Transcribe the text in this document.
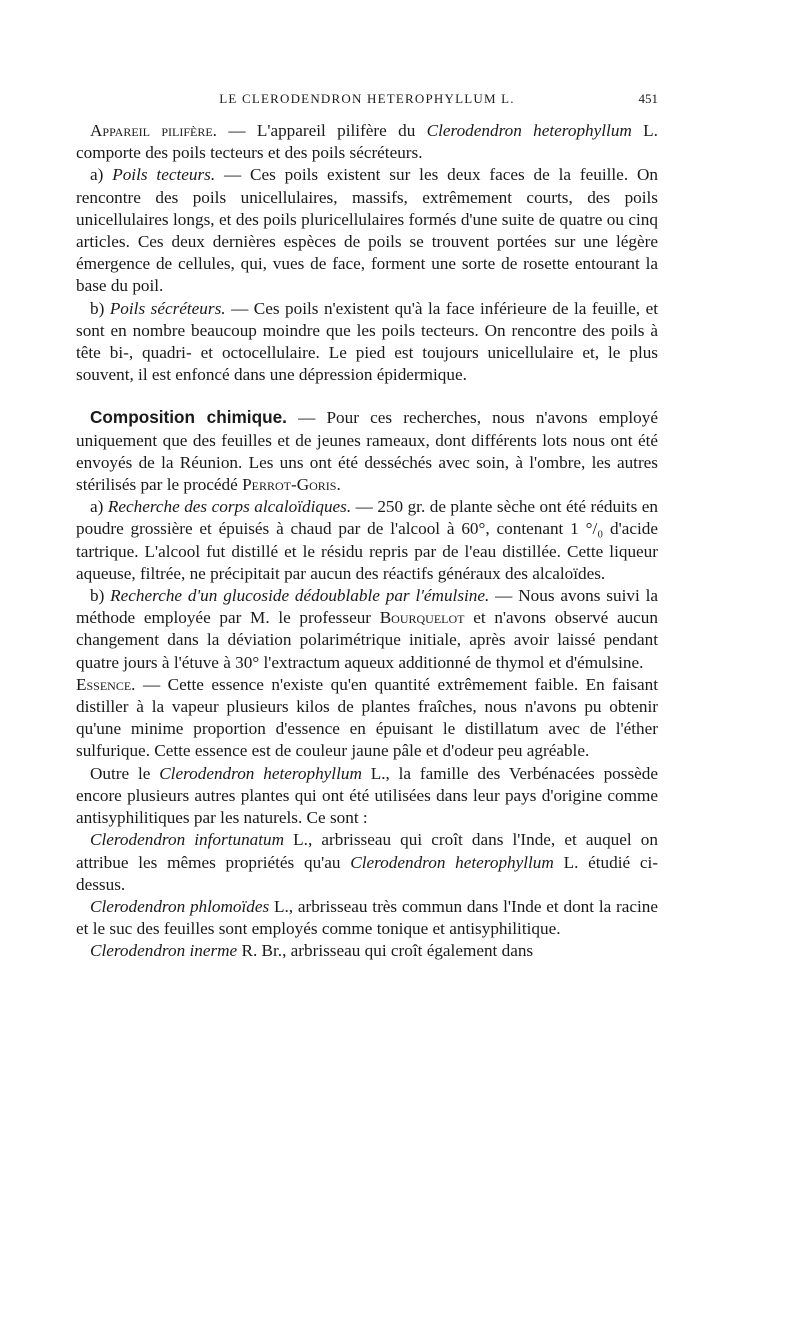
LE CLERODENDRON HETEROPHYLLUM L.	451

Appareil pilifère. — L'appareil pilifère du Clerodendron heterophyllum L. comporte des poils tecteurs et des poils sécréteurs.

a) Poils tecteurs. — Ces poils existent sur les deux faces de la feuille. On rencontre des poils unicellulaires, massifs, extrêmement courts, des poils unicellulaires longs, et des poils pluricellulaires formés d'une suite de quatre ou cinq articles. Ces deux dernières espèces de poils se trouvent portées sur une légère émergence de cellules, qui, vues de face, forment une sorte de rosette entourant la base du poil.

b) Poils sécréteurs. — Ces poils n'existent qu'à la face inférieure de la feuille, et sont en nombre beaucoup moindre que les poils tecteurs. On rencontre des poils à tête bi-, quadri- et octocellulaire. Le pied est toujours unicellulaire et, le plus souvent, il est enfoncé dans une dépression épidermique.

Composition chimique. — Pour ces recherches, nous n'avons employé uniquement que des feuilles et de jeunes rameaux, dont différents lots nous ont été envoyés de la Réunion. Les uns ont été desséchés avec soin, à l'ombre, les autres stérilisés par le procédé Perrot-Goris.

a) Recherche des corps alcaloïdiques. — 250 gr. de plante sèche ont été réduits en poudre grossière et épuisés à chaud par de l'alcool à 60°, contenant 1 °/₀ d'acide tartrique. L'alcool fut distillé et le résidu repris par de l'eau distillée. Cette liqueur aqueuse, filtrée, ne précipitait par aucun des réactifs généraux des alcaloïdes.

b) Recherche d'un glucoside dédoublable par l'émulsine. — Nous avons suivi la méthode employée par M. le professeur Bourquelot et n'avons observé aucun changement dans la déviation polarimétrique initiale, après avoir laissé pendant quatre jours à l'étuve à 30° l'extractum aqueux additionné de thymol et d'émulsine.

Essence. — Cette essence n'existe qu'en quantité extrêmement faible. En faisant distiller à la vapeur plusieurs kilos de plantes fraîches, nous n'avons pu obtenir qu'une minime proportion d'essence en épuisant le distillatum avec de l'éther sulfurique. Cette essence est de couleur jaune pâle et d'odeur peu agréable.

Outre le Clerodendron heterophyllum L., la famille des Verbénacées possède encore plusieurs autres plantes qui ont été utilisées dans leur pays d'origine comme antisyphilitiques par les naturels. Ce sont :

Clerodendron infortunatum L., arbrisseau qui croît dans l'Inde, et auquel on attribue les mêmes propriétés qu'au Clerodendron heterophyllum L. étudié ci-dessus.

Clerodendron phlomoïdes L., arbrisseau très commun dans l'Inde et dont la racine et le suc des feuilles sont employés comme tonique et antisyphilitique.

Clerodendron inerme R. Br., arbrisseau qui croît également dans
